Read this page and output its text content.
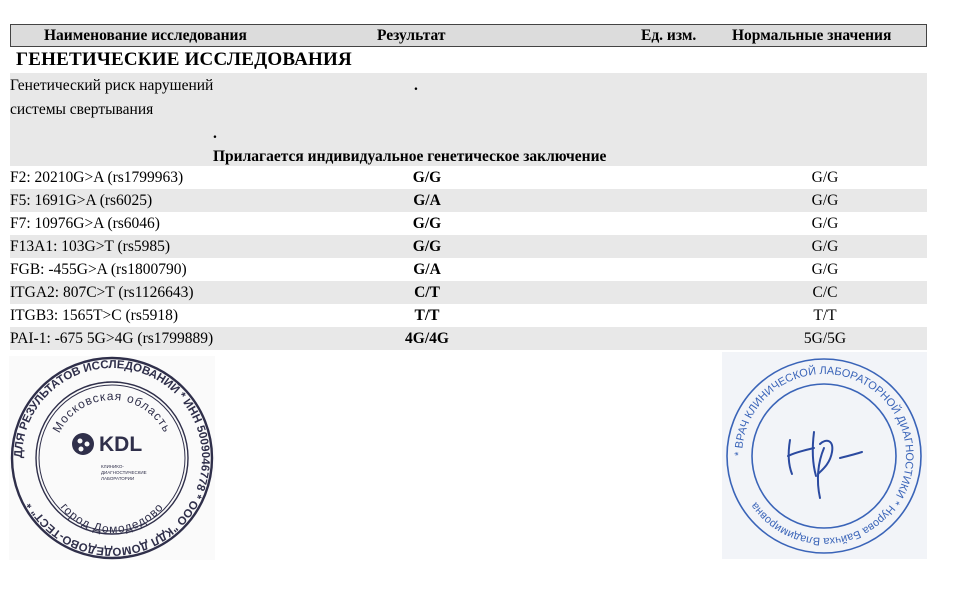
Наименование исследования	Результат	Ед. изм. Нормальные значения
ГЕНЕТИЧЕСКИЕ ИССЛЕДОВАНИЯ
Генетический риск нарушений
системы свертывания
.
.
Прилагается индивидуальное генетическое заключение
F2: 20210G>A (rs1799963)	G/G	G/G
F5: 1691G>A (rs6025)	G/A	G/G
F7: 10976G>A (rs6046)	G/G	G/G
F13A1: 103G>T (rs5985)	G/G	G/G
FGB: -455G>A (rs1800790)	G/A	G/G
ITGA2: 807C>T (rs1126643)	C/T	C/C
ITGB3: 1565T>C (rs5918)	T/T	T/T
PAI-1: -675 5G>4G (rs1799889)	4G/4G	5G/5G
ДЛЯ РЕЗУЛЬТАТОВ ИССЛЕДОВАНИЙ * ИНН 5009046778 * ООО "КДЛ ДОМОДЕДОВО-ТЕСТ" *
Московская область
город Домодедово
KDL
КЛИНИКО-
ДИАГНОСТИЧЕСКИЕ
ЛАБОРАТОРИИ
* ВРАЧ КЛИНИЧЕСКОЙ ЛАБОРАТОРНОЙ ДИАГНОСТИКИ * Нурова Байчха Владимировна
